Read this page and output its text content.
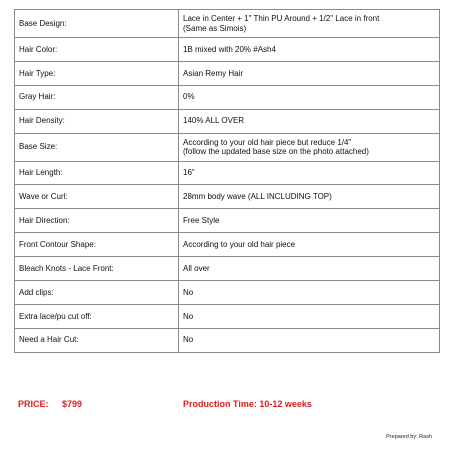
Base Design:	Lace in Center + 1" Thin PU Around + 1/2" Lace in front
(Same as Simois)

Hair Color:	1B mixed with 20% #Ash4

Hair Type:	Asian Remy Hair

Gray Hair:	0%

Hair Density:	140% ALL OVER

Base Size:	According to your old hair piece but reduce 1/4"
(follow the updated base size on the photo attached)

Hair Length:	16"

Wave or Curl:	28mm body wave (ALL INCLUDING TOP)

Hair Direction:	Free Style

Front Contour Shape:	According to your old hair piece

Bleach Knots - Lace Front:	All over

Add clips:	No

Extra lace/pu cut off:	No

Need a Hair Cut:	No
PRICE: $799	Production Time: 10-12 weeks
Prepared by: Rash
